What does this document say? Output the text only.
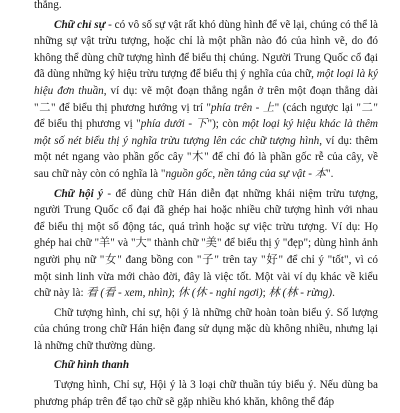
thẳng.

Chữ chỉ sự - có vô số sự vật rất khó dùng hình để vẽ lại, chúng có thể là những sự vật trừu tượng, hoặc chỉ là một phần nào đó của hình vẽ, do đó không thể dùng chữ tượng hình để biểu thị chúng. Người Trung Quốc cổ đại đã dùng những ký hiệu trừu tượng để biểu thị ý nghĩa của chữ, một loại là ký hiệu đơn thuần, ví dụ: vẽ một đoạn thẳng ngắn ở trên một đoạn thẳng dài "二" để biểu thị phương hướng vị trí "phía trên - 上" (cách ngược lại "二" để biểu thị phương vị "phía dưới - 下"); còn một loại ký hiệu khác là thêm một số nét biểu thị ý nghĩa trừu tượng lên các chữ tượng hình, ví dụ: thêm một nét ngang vào phần gốc cây "木" để chỉ đó là phần gốc rễ của cây, về sau chữ này còn có nghĩa là "nguồn gốc, nền tảng của sự vật - 本".

Chữ hội ý - để dùng chữ Hán diễn đạt những khái niệm trừu tượng, người Trung Quốc cổ đại đã ghép hai hoặc nhiều chữ tượng hình với nhau để biểu thị một số động tác, quá trình hoặc sự việc trừu tượng. Ví dụ: Họ ghép hai chữ "羊" và "大" thành chữ "美" để biểu thị ý "đẹp"; dùng hình ảnh người phụ nữ "女" đang bồng con "子" trên tay "好" để chỉ ý "tốt", vì có một sinh linh vừa mới chào đời, đây là việc tốt. Một vài ví dụ khác về kiểu chữ này là: 看 (看 - xem, nhìn); 休 (休 - nghỉ ngơi); 林 (林 - rừng).

Chữ tượng hình, chỉ sự, hội ý là những chữ hoàn toàn biểu ý. Số lượng của chúng trong chữ Hán hiện đang sử dụng mặc dù không nhiều, nhưng lại là những chữ thường dùng.

Chữ hình thanh

Tượng hình, Chỉ sự, Hội ý là 3 loại chữ thuần túy biểu ý. Nếu dùng ba phương pháp trên để tạo chữ sẽ gặp nhiều khó khăn, không thể đáp
